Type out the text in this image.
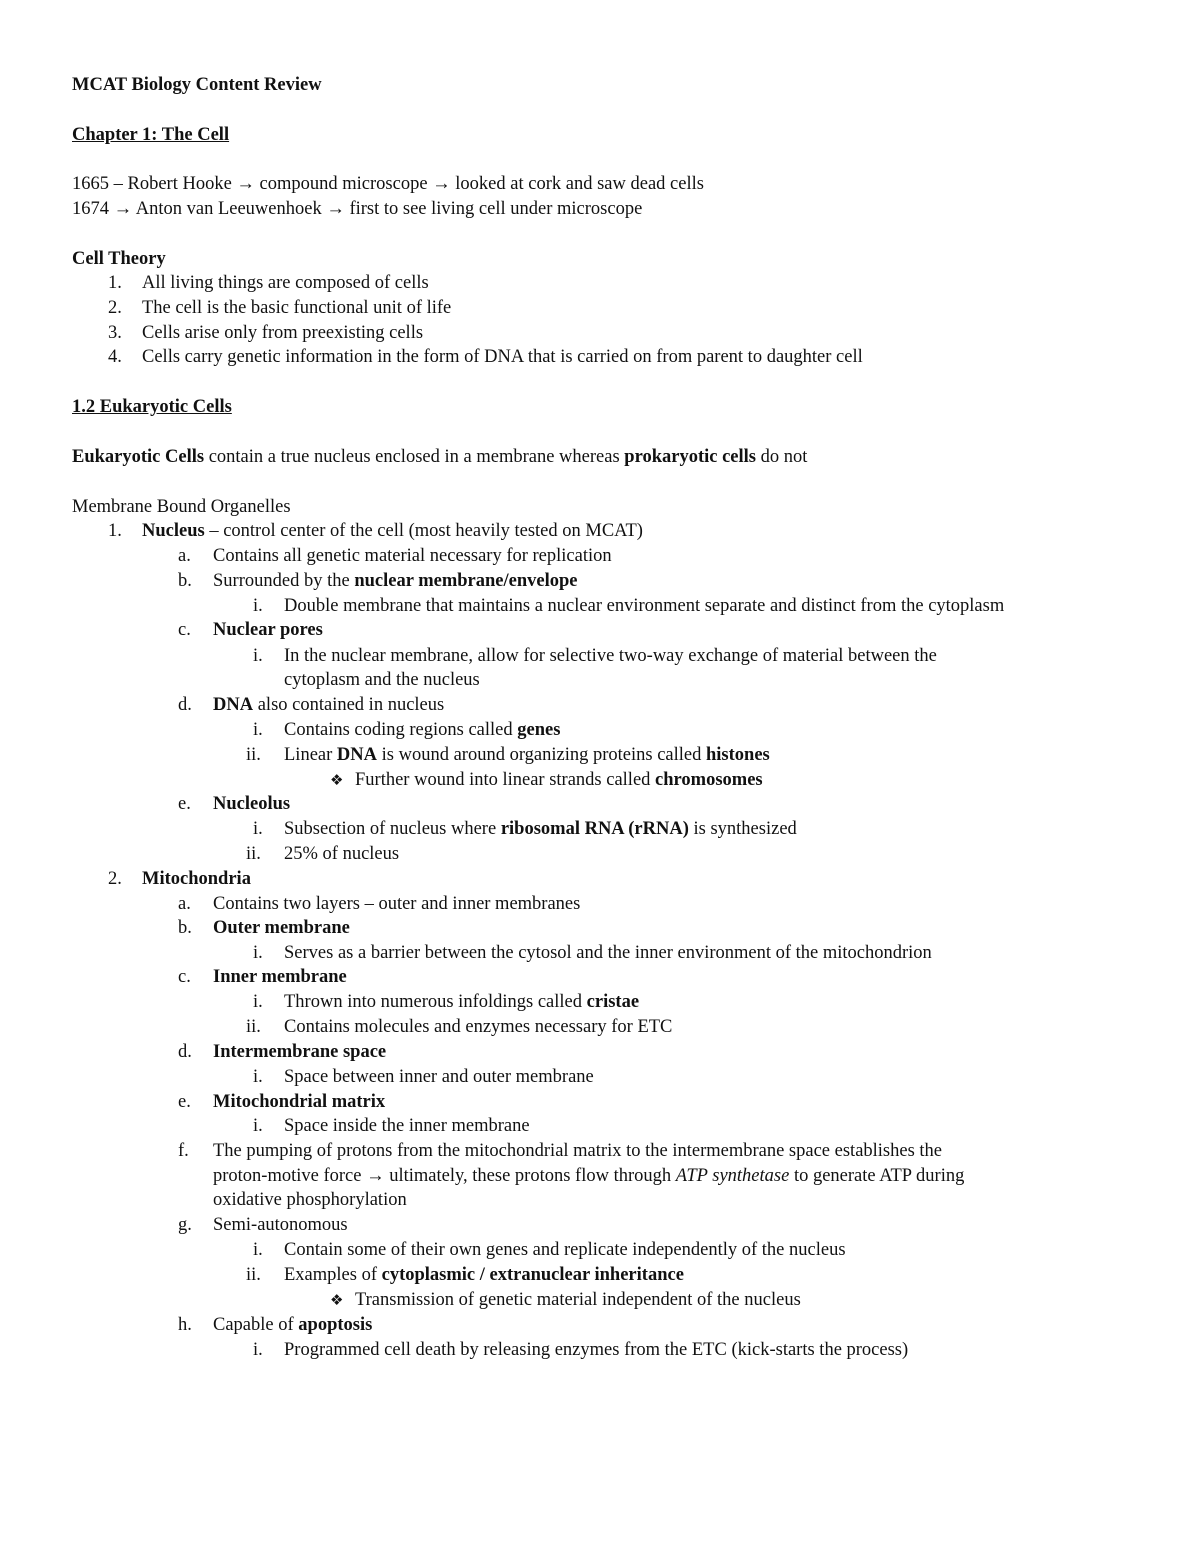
MCAT Biology Content Review
Chapter 1: The Cell
1665 – Robert Hooke → compound microscope → looked at cork and saw dead cells
1674 → Anton van Leeuwenhoek → first to see living cell under microscope
Cell Theory
1. All living things are composed of cells
2. The cell is the basic functional unit of life
3. Cells arise only from preexisting cells
4. Cells carry genetic information in the form of DNA that is carried on from parent to daughter cell
1.2 Eukaryotic Cells
Eukaryotic Cells contain a true nucleus enclosed in a membrane whereas prokaryotic cells do not
Membrane Bound Organelles
1. Nucleus – control center of the cell (most heavily tested on MCAT)
a. Contains all genetic material necessary for replication
b. Surrounded by the nuclear membrane/envelope
i. Double membrane that maintains a nuclear environment separate and distinct from the cytoplasm
c. Nuclear pores
i. In the nuclear membrane, allow for selective two-way exchange of material between the
cytoplasm and the nucleus
d. DNA also contained in nucleus
i. Contains coding regions called genes
ii. Linear DNA is wound around organizing proteins called histones
❖ Further wound into linear strands called chromosomes
e. Nucleolus
i. Subsection of nucleus where ribosomal RNA (rRNA) is synthesized
ii. 25% of nucleus
2. Mitochondria
a. Contains two layers – outer and inner membranes
b. Outer membrane
i. Serves as a barrier between the cytosol and the inner environment of the mitochondrion
c. Inner membrane
i. Thrown into numerous infoldings called cristae
ii. Contains molecules and enzymes necessary for ETC
d. Intermembrane space
i. Space between inner and outer membrane
e. Mitochondrial matrix
i. Space inside the inner membrane
f. The pumping of protons from the mitochondrial matrix to the intermembrane space establishes the
proton-motive force → ultimately, these protons flow through ATP synthetase to generate ATP during
oxidative phosphorylation
g. Semi-autonomous
i. Contain some of their own genes and replicate independently of the nucleus
ii. Examples of cytoplasmic / extranuclear inheritance
❖ Transmission of genetic material independent of the nucleus
h. Capable of apoptosis
i. Programmed cell death by releasing enzymes from the ETC (kick-starts the process)
